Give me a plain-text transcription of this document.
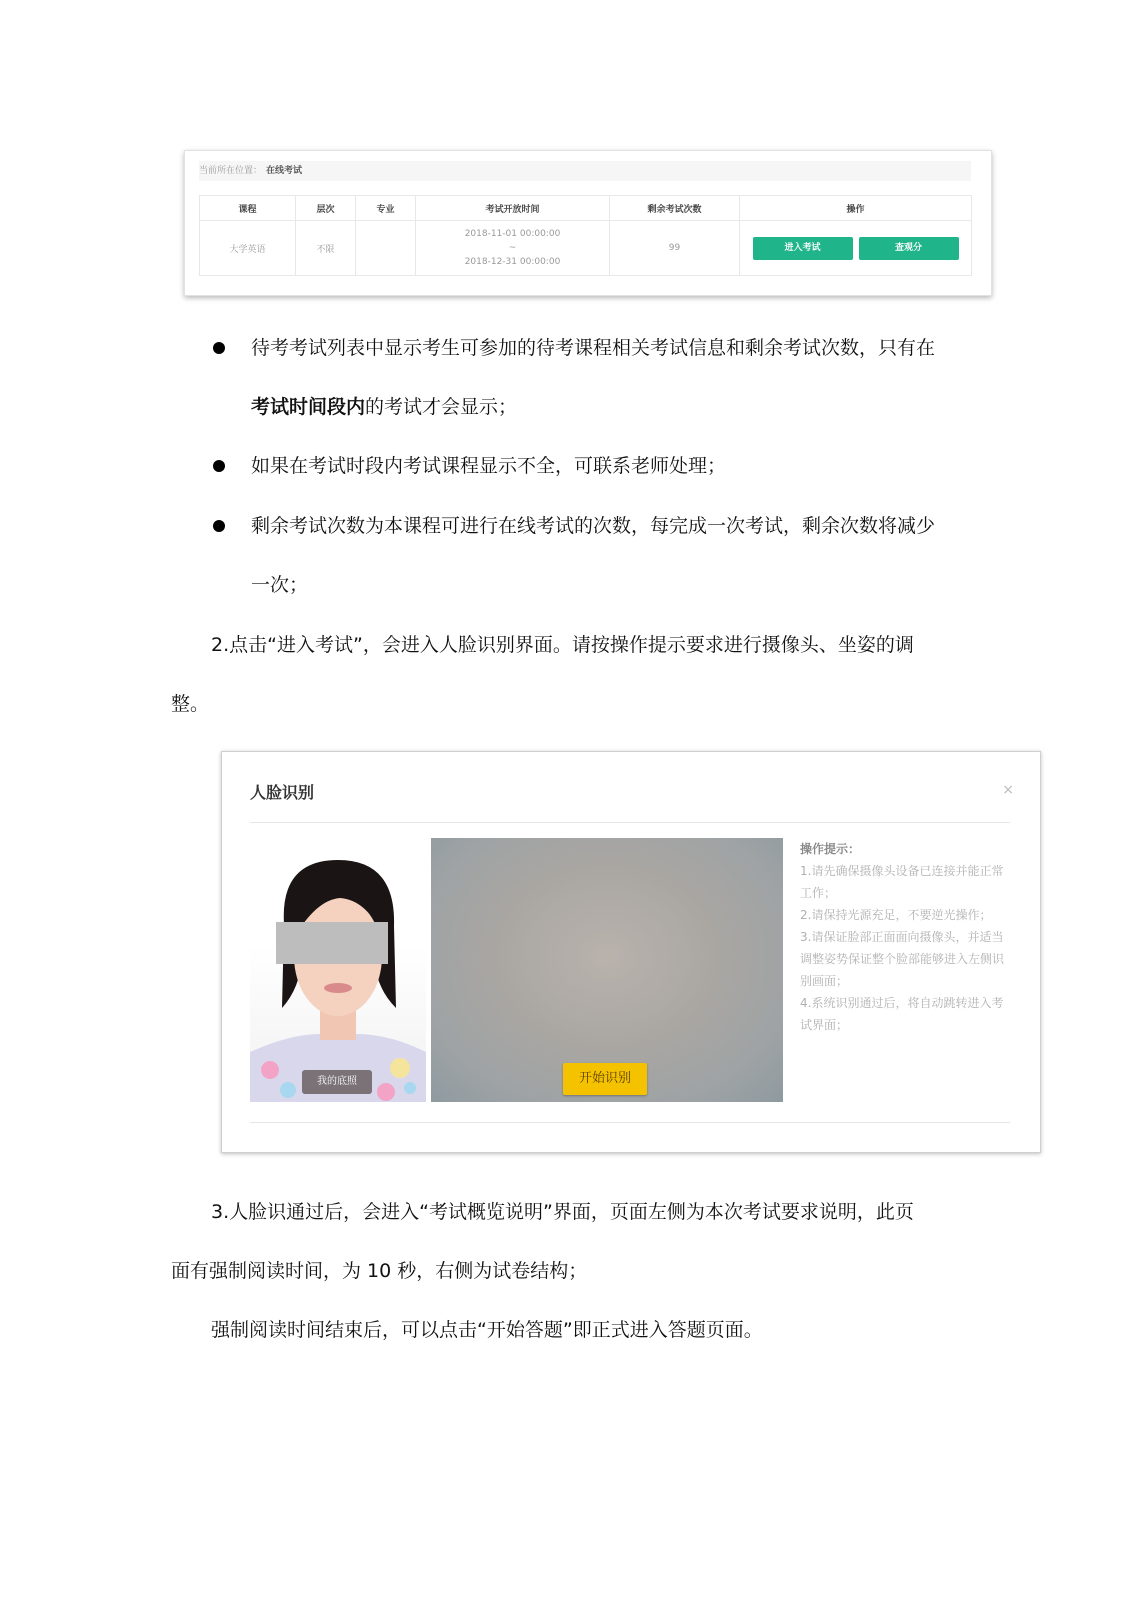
当前所在位置： 在线考试
课程	层次	专业	考试开放时间	剩余考试次数	操作
大学英语	不限		2018-11-01 00:00:00
~
2018-12-31 00:00:00	99	进入考试 查观分
待考考试列表中显示考生可参加的待考课程相关考试信息和剩余考试次数，只有在
考试时间段内的考试才会显示；
如果在考试时段内考试课程显示不全，可联系老师处理；
剩余考试次数为本课程可进行在线考试的次数，每完成一次考试，剩余次数将减少
一次；
2.点击“进入考试”，会进入人脸识别界面。请按操作提示要求进行摄像头、坐姿的调
整。
人脸识别	×
我的底照	开始识别
操作提示：
1.请先确保摄像头设备已连接并能正常工作；
2.请保持光源充足，不要逆光操作；
3.请保证脸部正面面向摄像头，并适当调整姿势保证整个脸部能够进入左侧识别画面；
4.系统识别通过后，将自动跳转进入考试界面；
3.人脸识通过后，会进入“考试概览说明”界面，页面左侧为本次考试要求说明，此页
面有强制阅读时间，为 10 秒，右侧为试卷结构；
强制阅读时间结束后，可以点击“开始答题”即正式进入答题页面。
